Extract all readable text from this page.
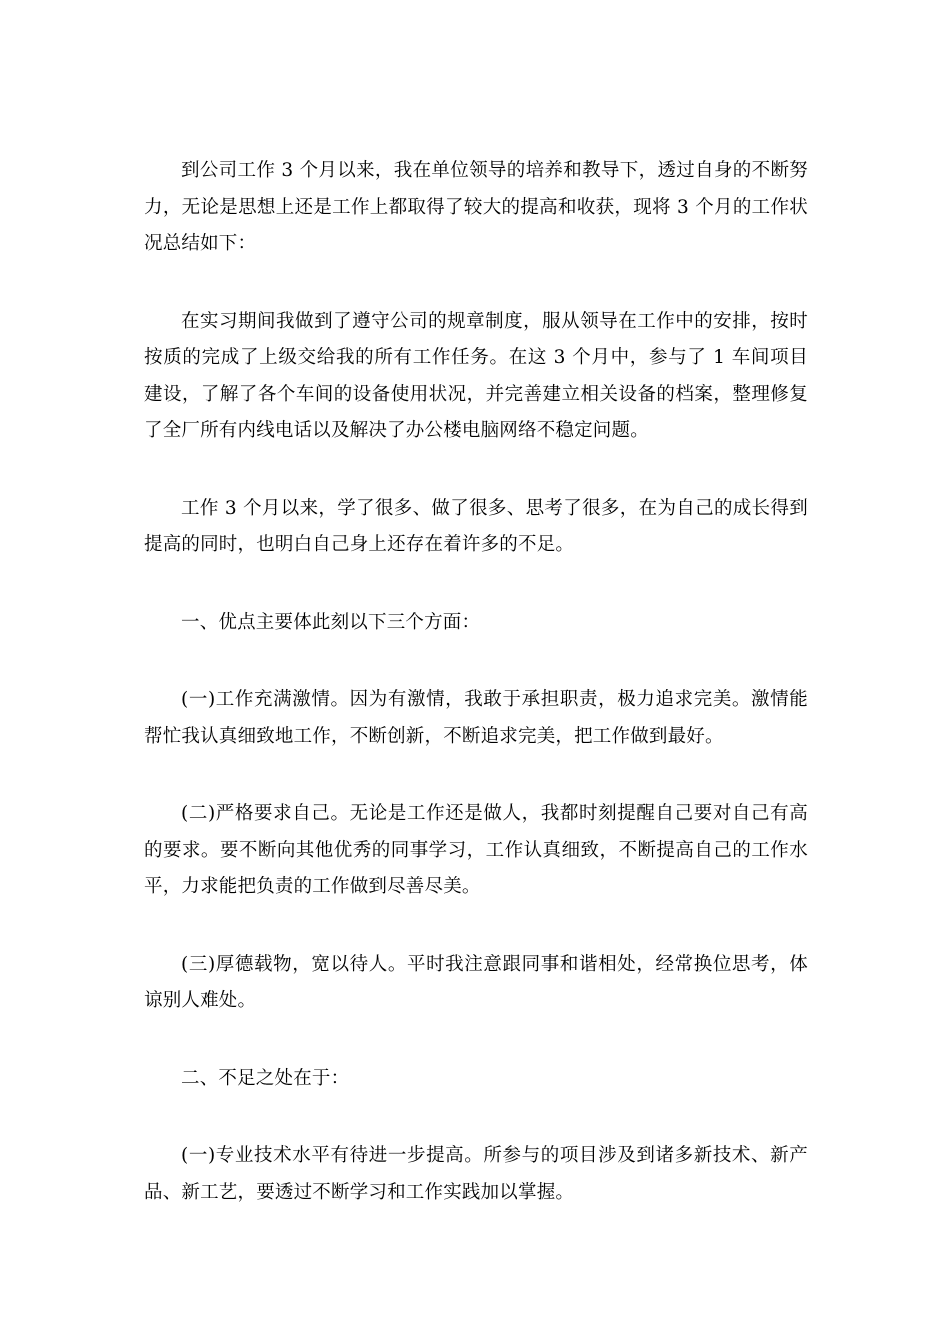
到公司工作 3 个月以来，我在单位领导的培养和教导下，透过自身的不断努力，无论是思想上还是工作上都取得了较大的提高和收获，现将 3 个月的工作状况总结如下：

在实习期间我做到了遵守公司的规章制度，服从领导在工作中的安排，按时按质的完成了上级交给我的所有工作任务。在这 3 个月中，参与了 1 车间项目建设，了解了各个车间的设备使用状况，并完善建立相关设备的档案，整理修复了全厂所有内线电话以及解决了办公楼电脑网络不稳定问题。

工作 3 个月以来，学了很多、做了很多、思考了很多，在为自己的成长得到提高的同时，也明白自己身上还存在着许多的不足。

一、优点主要体此刻以下三个方面：

(一)工作充满激情。因为有激情，我敢于承担职责，极力追求完美。激情能帮忙我认真细致地工作，不断创新，不断追求完美，把工作做到最好。

(二)严格要求自己。无论是工作还是做人，我都时刻提醒自己要对自己有高的要求。要不断向其他优秀的同事学习，工作认真细致，不断提高自己的工作水平，力求能把负责的工作做到尽善尽美。

(三)厚德载物，宽以待人。平时我注意跟同事和谐相处，经常换位思考，体谅别人难处。

二、不足之处在于：

(一)专业技术水平有待进一步提高。所参与的项目涉及到诸多新技术、新产品、新工艺，要透过不断学习和工作实践加以掌握。
